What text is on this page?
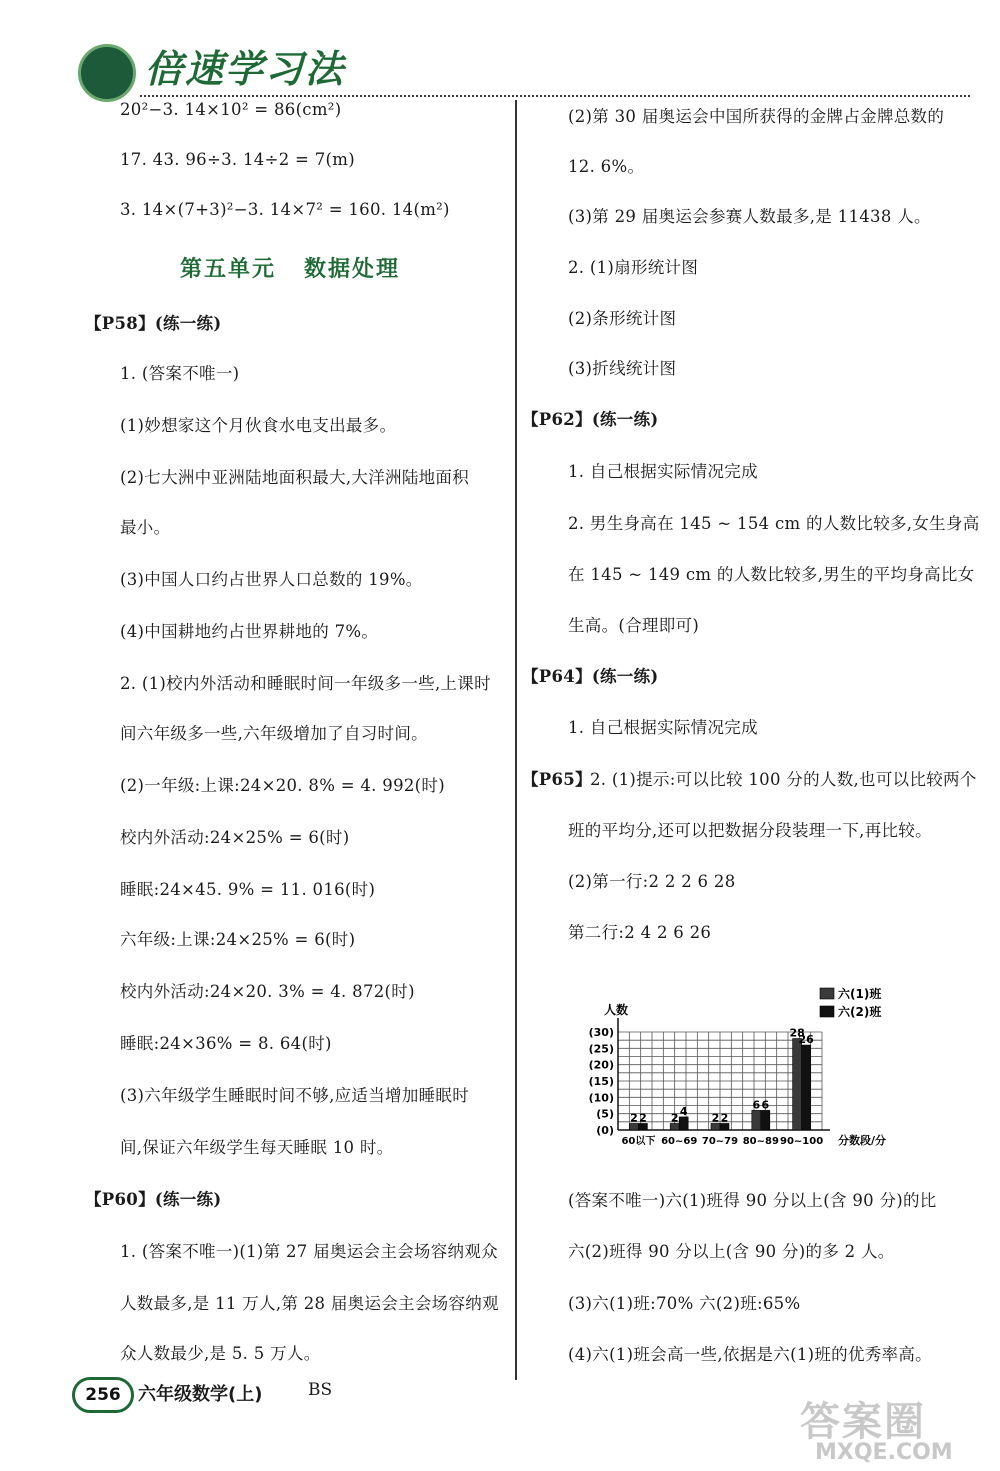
倍速学习法
20²−3. 14×10² = 86(cm²)
17. 43. 96÷3. 14÷2 = 7(m)
3. 14×(7+3)²−3. 14×7² = 160. 14(m²)
第五单元 数据处理
【P58】(练一练)
1. (答案不唯一)
(1)妙想家这个月伙食水电支出最多。
(2)七大洲中亚洲陆地面积最大,大洋洲陆地面积
最小。
(3)中国人口约占世界人口总数的 19%。
(4)中国耕地约占世界耕地的 7%。
2. (1)校内外活动和睡眠时间一年级多一些,上课时
间六年级多一些,六年级增加了自习时间。
(2)一年级:上课:24×20. 8% = 4. 992(时)
校内外活动:24×25% = 6(时)
睡眠:24×45. 9% = 11. 016(时)
六年级:上课:24×25% = 6(时)
校内外活动:24×20. 3% = 4. 872(时)
睡眠:24×36% = 8. 64(时)
(3)六年级学生睡眠时间不够,应适当增加睡眠时
间,保证六年级学生每天睡眠 10 时。
【P60】(练一练)
1. (答案不唯一)(1)第 27 届奥运会主会场容纳观众
人数最多,是 11 万人,第 28 届奥运会主会场容纳观
众人数最少,是 5. 5 万人。
(2)第 30 届奥运会中国所获得的金牌占金牌总数的
12. 6%。
(3)第 29 届奥运会参赛人数最多,是 11438 人。
2. (1)扇形统计图
(2)条形统计图
(3)折线统计图
【P62】(练一练)
1. 自己根据实际情况完成
2. 男生身高在 145 ~ 154 cm 的人数比较多,女生身高
在 145 ~ 149 cm 的人数比较多,男生的平均身高比女
生高。(合理即可)
【P64】(练一练)
1. 自己根据实际情况完成
【P65】
2. (1)提示:可以比较 100 分的人数,也可以比较两个
班的平均分,还可以把数据分段装理一下,再比较。
(2)第一行:2 2 2 6 28
第二行:2 4 2 6 26
(30)
(25)
(20)
(15)
(10)
(5)
(0)
人数
2 2
60以下
2
4
60~69
2 2
70~79
6 6
80~89
28
26
90~100 分数段/分
六(1)班
六(2)班
(答案不唯一)六(1)班得 90 分以上(含 90 分)的比
六(2)班得 90 分以上(含 90 分)的多 2 人。
(3)六(1)班:70% 六(2)班:65%
(4)六(1)班会高一些,依据是六(1)班的优秀率高。
256 六年级数学(上)	BS
答案圈
MXQE.COM
